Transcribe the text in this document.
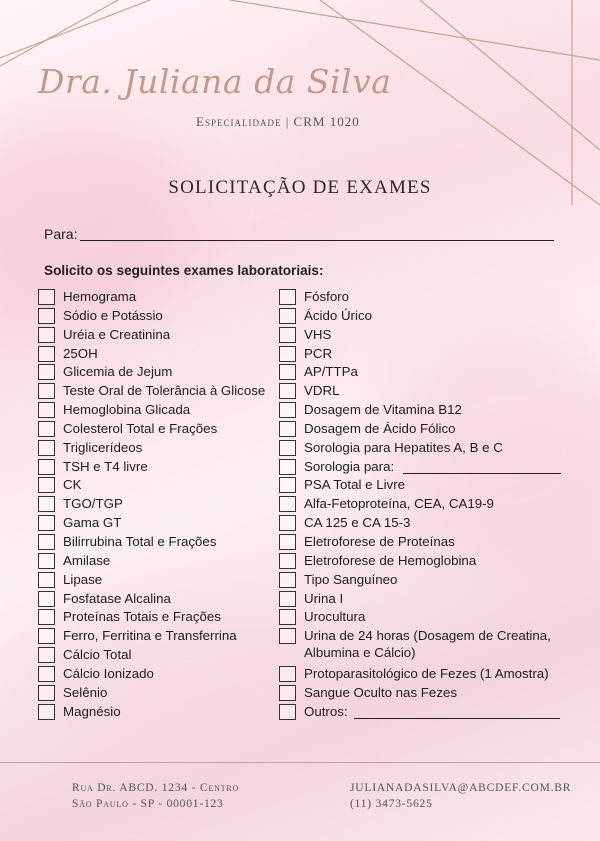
Dra. Juliana da Silva
Especialidade | CRM 1020
SOLICITAÇÃO DE EXAMES
Para:
Solicito os seguintes exames laboratoriais:
Hemograma
Sódio e Potássio
Uréia e Creatinina
25OH
Glicemia de Jejum
Teste Oral de Tolerância à Glicose
Hemoglobina Glicada
Colesterol Total e Frações
Triglicerídeos
TSH e T4 livre
CK
TGO/TGP
Gama GT
Bilirrubina Total e Frações
Amilase
Lipase
Fosfatase Alcalina
Proteínas Totais e Frações
Ferro, Ferritina e Transferrina
Cálcio Total
Cálcio Ionizado
Selênio
Magnésio
Fósforo
Ácido Úrico
VHS
PCR
AP/TTPa
VDRL
Dosagem de Vitamina B12
Dosagem de Ácido Fólico
Sorologia para Hepatites A, B e C
Sorologia para:
PSA Total e Livre
Alfa-Fetoproteína, CEA, CA19-9
CA 125 e CA 15-3
Eletroforese de Proteínas
Eletroforese de Hemoglobina
Tipo Sanguíneo
Urina I
Urocultura
Urina de 24 horas (Dosagem de Creatina,
Albumina e Cálcio)
Protoparasitológico de Fezes (1 Amostra)
Sangue Oculto nas Fezes
Outros:
Rua Dr. ABCD. 1234 - Centro
São Paulo - SP - 00001-123
JULIANADASILVA@ABCDEF.COM.BR
(11) 3473-5625
